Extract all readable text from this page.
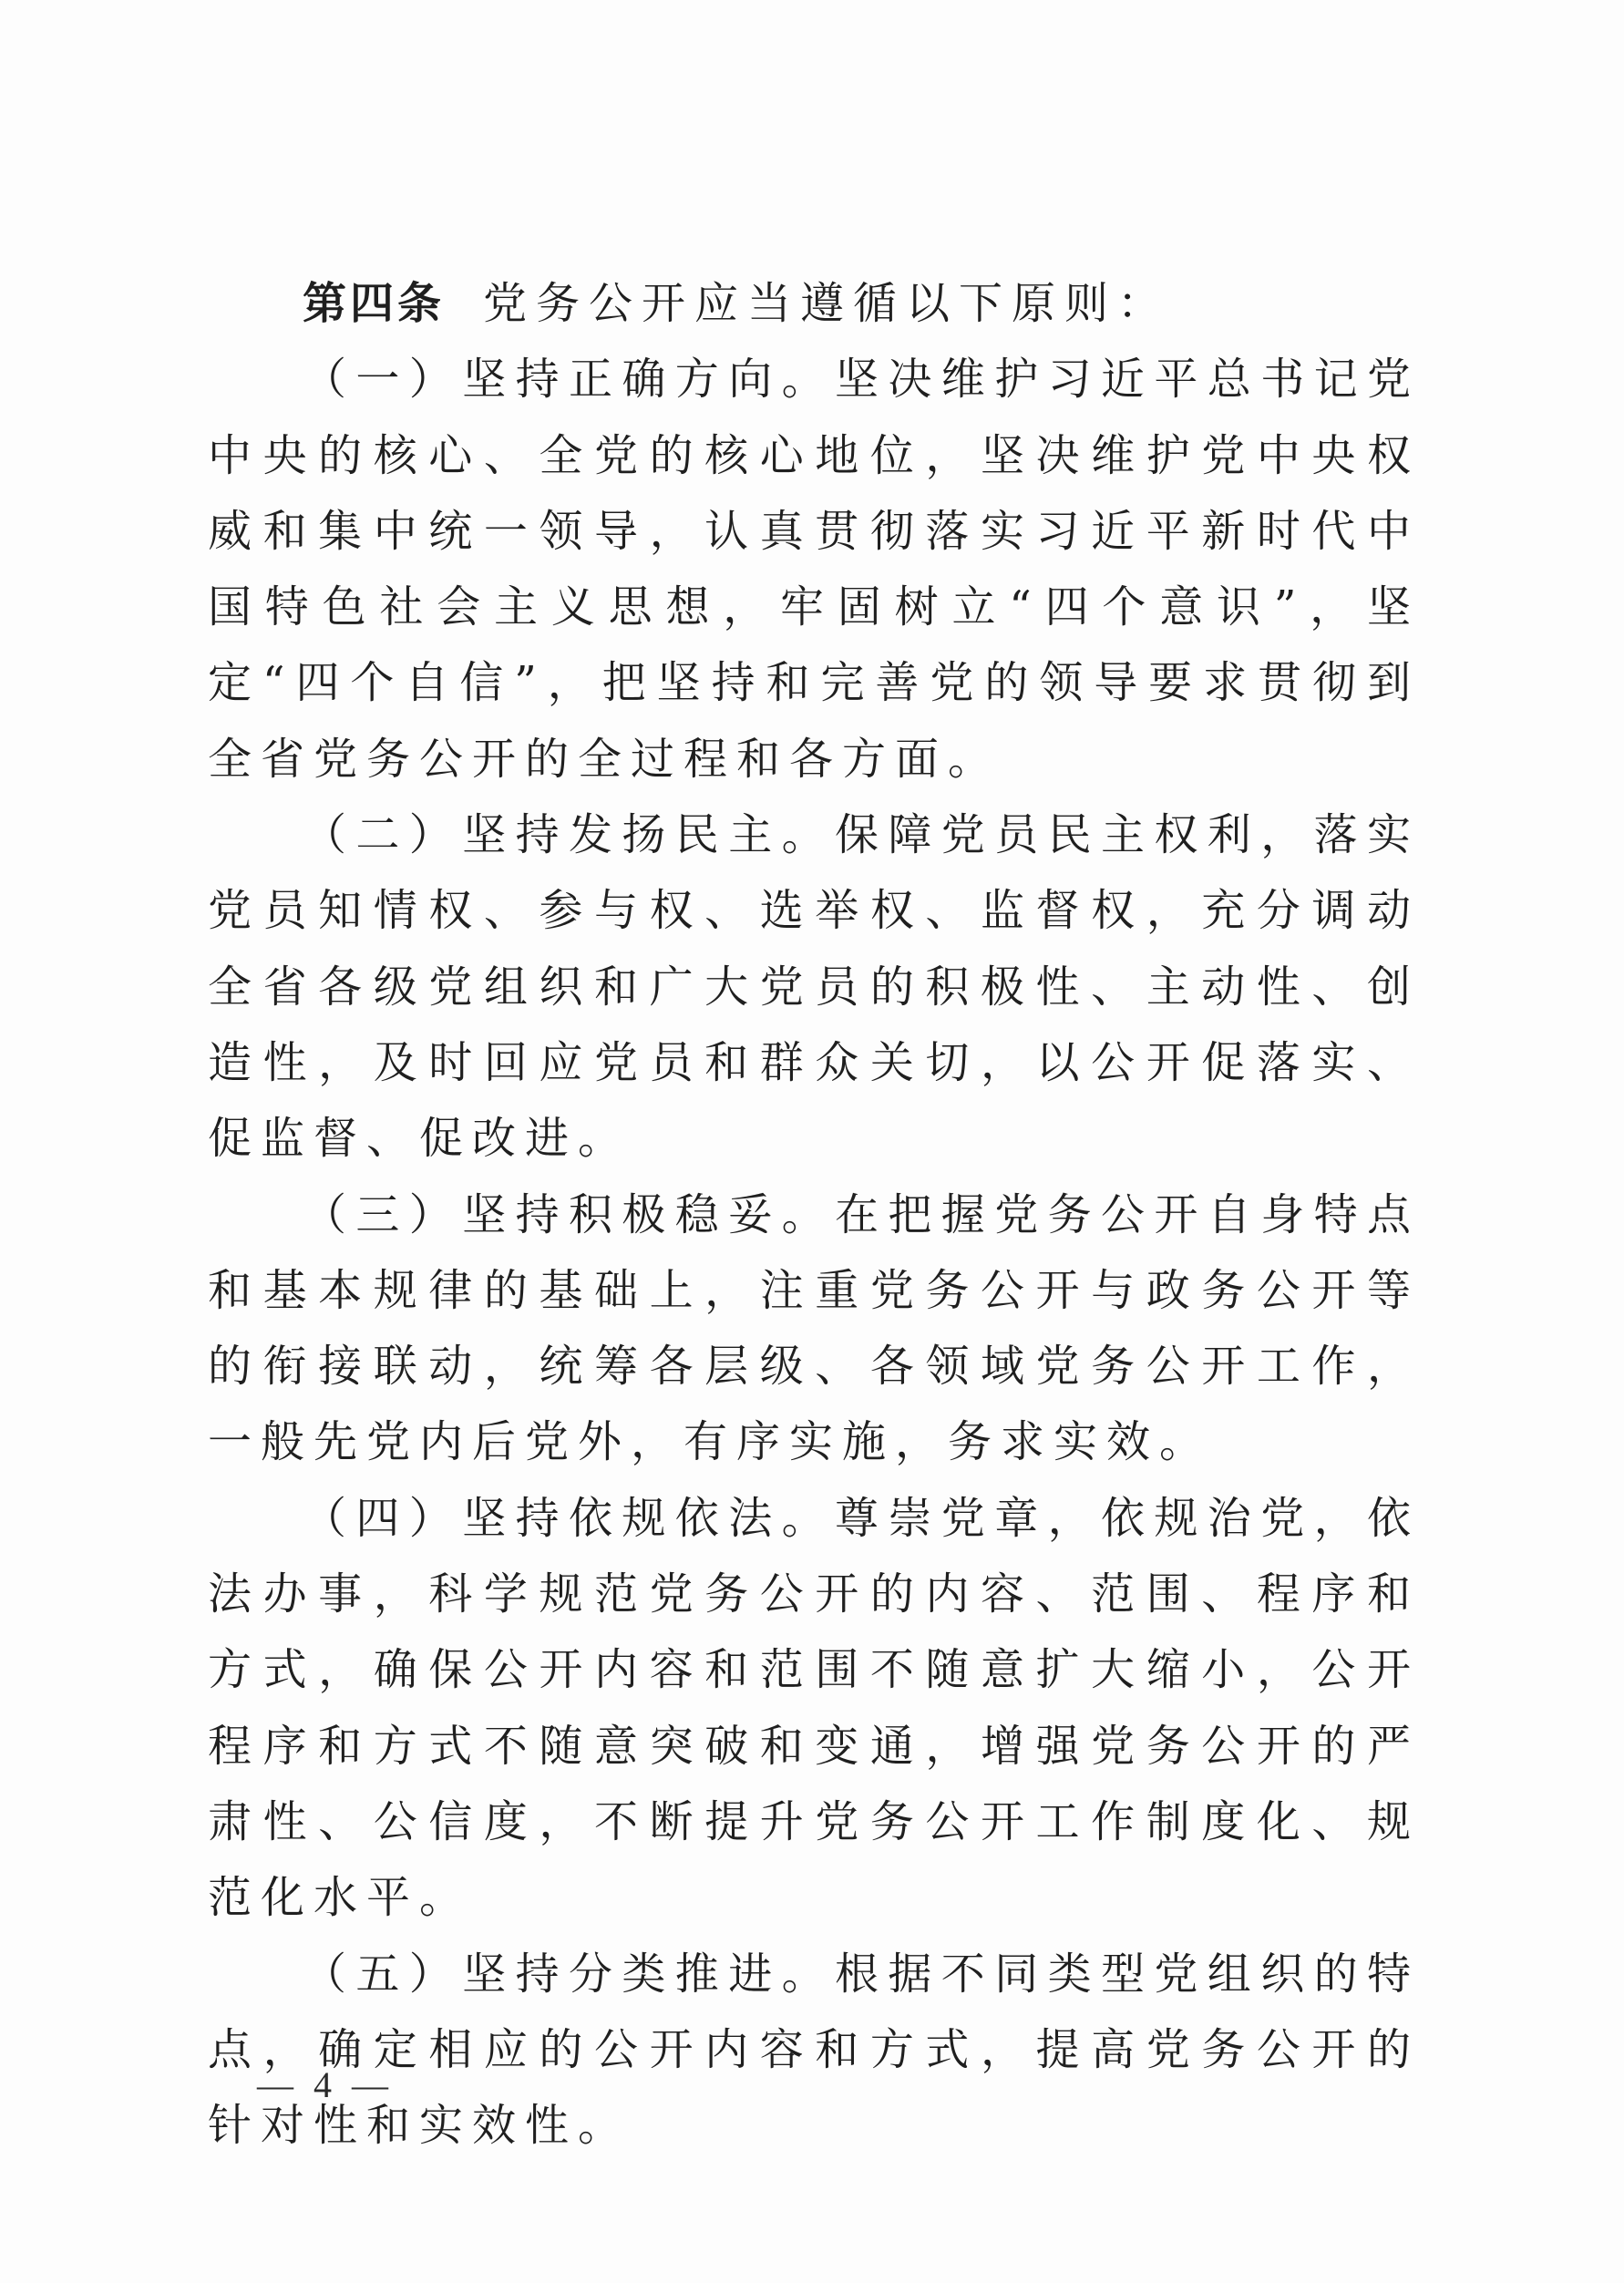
第四条 党务公开应当遵循以下原则：

（一）坚持正确方向。坚决维护习近平总书记党中央的核心、全党的核心地位，坚决维护党中央权威和集中统一领导，认真贯彻落实习近平新时代中国特色社会主义思想，牢固树立“四个意识”，坚定“四个自信”，把坚持和完善党的领导要求贯彻到全省党务公开的全过程和各方面。

（二）坚持发扬民主。保障党员民主权利，落实党员知情权、参与权、选举权、监督权，充分调动全省各级党组织和广大党员的积极性、主动性、创造性，及时回应党员和群众关切，以公开促落实、促监督、促改进。

（三）坚持积极稳妥。在把握党务公开自身特点和基本规律的基础上，注重党务公开与政务公开等的衔接联动，统筹各层级、各领域党务公开工作，一般先党内后党外，有序实施，务求实效。

（四）坚持依规依法。尊崇党章，依规治党，依法办事，科学规范党务公开的内容、范围、程序和方式，确保公开内容和范围不随意扩大缩小，公开程序和方式不随意突破和变通，增强党务公开的严肃性、公信度，不断提升党务公开工作制度化、规范化水平。

（五）坚持分类推进。根据不同类型党组织的特点，确定相应的公开内容和方式，提高党务公开的针对性和实效性。

— 4 —
